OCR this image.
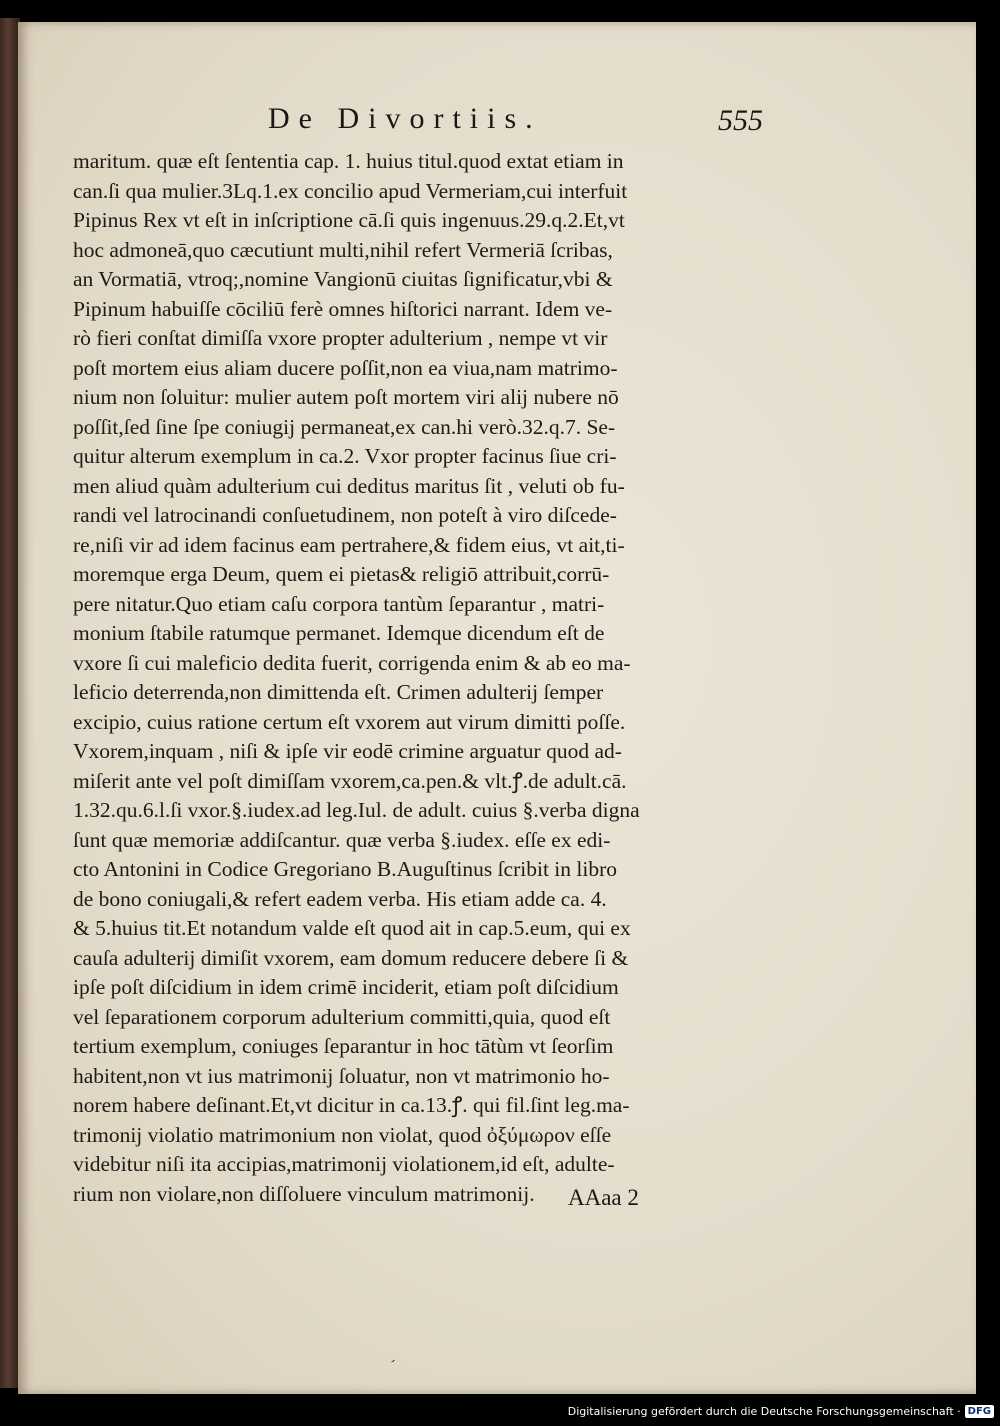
De Divortiis.	555
maritum. quæ eſt ſententia cap. 1. huius titul.quod extat etiam in
can.ſi qua mulier.3Lq.1.ex concilio apud Vermeriam,cui interfuit
Pipinus Rex vt eſt in inſcriptione cā.ſi quis ingenuus.29.q.2.Et,vt
hoc admoneā,quo cæcutiunt multi,nihil refert Vermeriā ſcribas,
an Vormatiā, vtroq;,nomine Vangionū ciuitas ſignificatur,vbi &
Pipinum habuiſſe cōciliū ferè omnes hiſtorici narrant. Idem ve-
rò fieri conſtat dimiſſa vxore propter adulterium , nempe vt vir
poſt mortem eius aliam ducere poſſit,non ea viua,nam matrimo-
nium non ſoluitur: mulier autem poſt mortem viri alij nubere nō
poſſit,ſed ſine ſpe coniugij permaneat,ex can.hi verò.32.q.7. Se-
quitur alterum exemplum in ca.2. Vxor propter facinus ſiue cri-
men aliud quàm adulterium cui deditus maritus ſit , veluti ob fu-
randi vel latrocinandi conſuetudinem, non poteſt à viro diſcede-
re,niſi vir ad idem facinus eam pertrahere,& fidem eius, vt ait,ti-
moremque erga Deum, quem ei pietas& religiō attribuit,corrū-
pere nitatur.Quo etiam caſu corpora tantùm ſeparantur , matri-
monium ſtabile ratumque permanet. Idemque dicendum eſt de
vxore ſi cui maleficio dedita fuerit, corrigenda enim & ab eo ma-
leficio deterrenda,non dimittenda eſt. Crimen adulterij ſemper
excipio, cuius ratione certum eſt vxorem aut virum dimitti poſſe.
Vxorem,inquam , niſi & ipſe vir eodē crimine arguatur quod ad-
miſerit ante vel poſt dimiſſam vxorem,ca.pen.& vlt.ꝭ.de adult.cā.
1.32.qu.6.l.ſi vxor.§.iudex.ad leg.Iul. de adult. cuius §.verba digna
ſunt quæ memoriæ addiſcantur. quæ verba §.iudex. eſſe ex edi-
cto Antonini in Codice Gregoriano B.Auguſtinus ſcribit in libro
de bono coniugali,& refert eadem verba. His etiam adde ca. 4.
& 5.huius tit.Et notandum valde eſt quod ait in cap.5.eum, qui ex
cauſa adulterij dimiſit vxorem, eam domum reducere debere ſi &
ipſe poſt diſcidium in idem crimē inciderit, etiam poſt diſcidium
vel ſeparationem corporum adulterium committi,quia, quod eſt
tertium exemplum, coniuges ſeparantur in hoc tātùm vt ſeorſim
habitent,non vt ius matrimonij ſoluatur, non vt matrimonio ho-
norem habere deſinant.Et,vt dicitur in ca.13.ꝭ. qui fil.ſint leg.ma-
trimonij violatio matrimonium non violat, quod ὀξύμωρον eſſe
videbitur niſi ita accipias,matrimonij violationem,id eſt, adulte-
rium non violare,non diſſoluere vinculum matrimonij.	AAaa 2
ʼ
Digitalisierung gefördert durch die Deutsche Forschungsgemeinschaft · DFG
